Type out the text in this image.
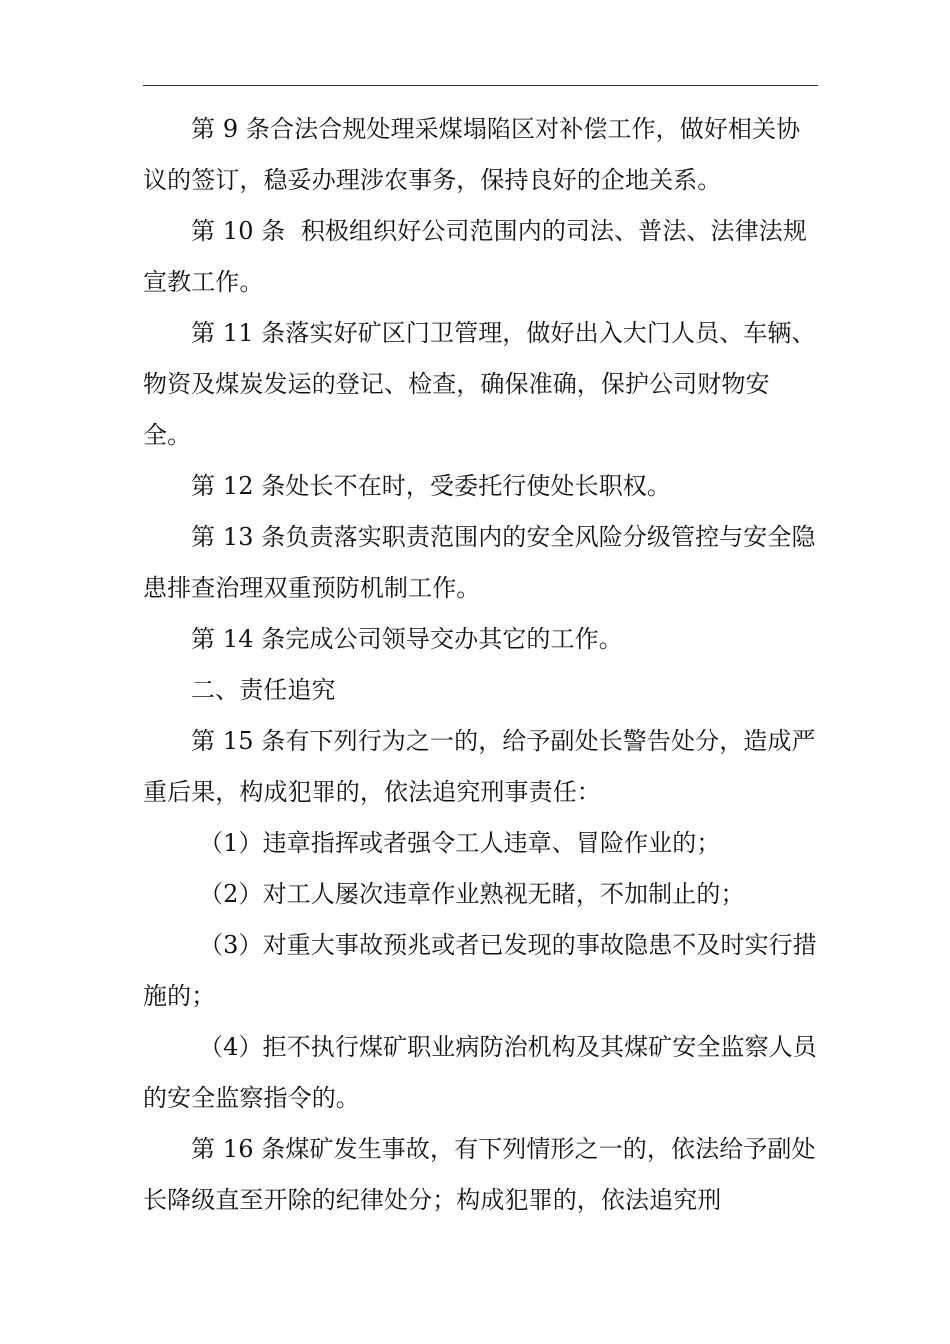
第 9 条合法合规处理采煤塌陷区对补偿工作，做好相关协
议的签订，稳妥办理涉农事务，保持良好的企地关系。
第 10 条  积极组织好公司范围内的司法、普法、法律法规
宣教工作。
第 11 条落实好矿区门卫管理，做好出入大门人员、车辆、
物资及煤炭发运的登记、检查，确保准确，保护公司财物安
全。
第 12 条处长不在时，受委托行使处长职权。
第 13 条负责落实职责范围内的安全风险分级管控与安全隐
患排查治理双重预防机制工作。
第 14 条完成公司领导交办其它的工作。
二、责任追究
第 15 条有下列行为之一的，给予副处长警告处分，造成严
重后果，构成犯罪的，依法追究刑事责任：
（1）违章指挥或者强令工人违章、冒险作业的；
（2）对工人屡次违章作业熟视无睹，不加制止的；
（3）对重大事故预兆或者已发现的事故隐患不及时实行措
施的；
（4）拒不执行煤矿职业病防治机构及其煤矿安全监察人员
的安全监察指令的。
第 16 条煤矿发生事故，有下列情形之一的，依法给予副处
长降级直至开除的纪律处分；构成犯罪的，依法追究刑
